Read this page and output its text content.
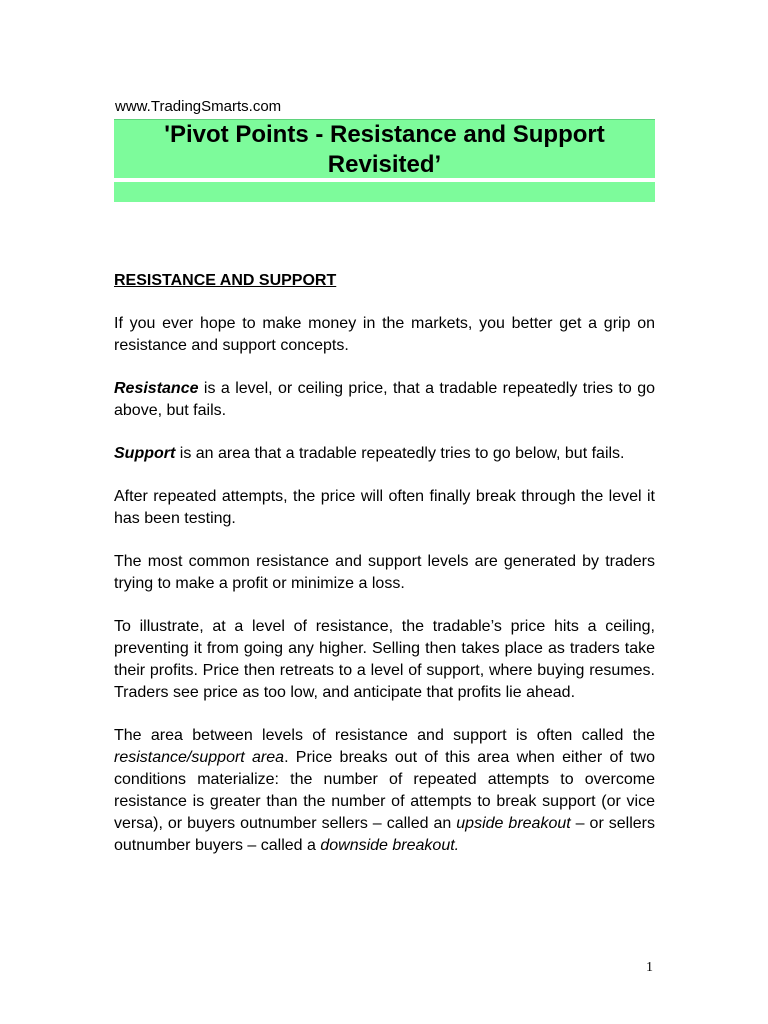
www.TradingSmarts.com
'Pivot Points - Resistance and Support
Revisited’
RESISTANCE AND SUPPORT

If you ever hope to make money in the markets, you better get a grip on resistance and support concepts.

Resistance is a level, or ceiling price, that a tradable repeatedly tries to go above, but fails.

Support is an area that a tradable repeatedly tries to go below, but fails.

After repeated attempts, the price will often finally break through the level it has been testing.

The most common resistance and support levels are generated by traders trying to make a profit or minimize a loss.

To illustrate, at a level of resistance, the tradable’s price hits a ceiling, preventing it from going any higher. Selling then takes place as traders take their profits. Price then retreats to a level of support, where buying resumes. Traders see price as too low, and anticipate that profits lie ahead.

The area between levels of resistance and support is often called the resistance/support area. Price breaks out of this area when either of two conditions materialize: the number of repeated attempts to overcome resistance is greater than the number of attempts to break support (or vice versa), or buyers outnumber sellers – called an upside breakout – or sellers outnumber buyers – called a downside breakout.

1
